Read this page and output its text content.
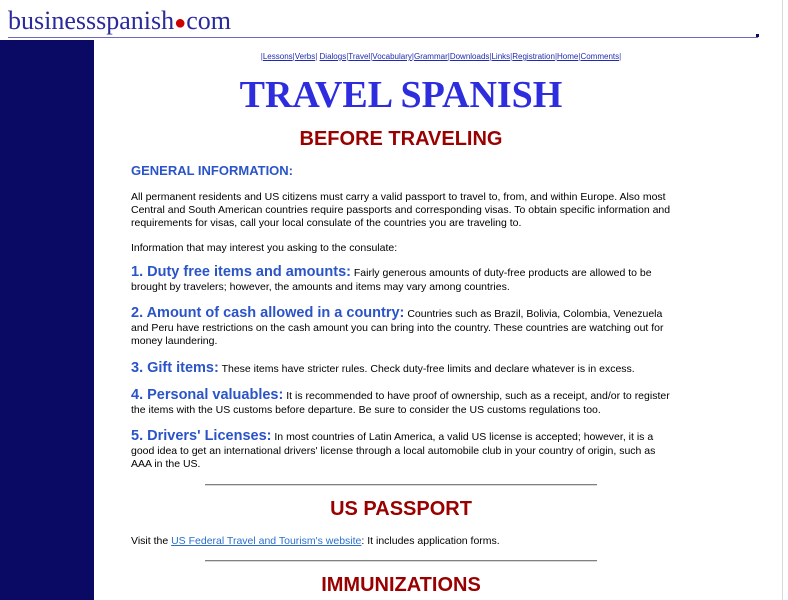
businessspanish●com
|Lessons|Verbs| Dialogs|Travel|Vocabulary|Grammar|Downloads|Links|Registration|Home|Comments|
TRAVEL SPANISH
BEFORE TRAVELING
GENERAL INFORMATION:

All permanent residents and US citizens must carry a valid passport to travel to, from, and within Europe. Also most Central and South American countries require passports and corresponding visas. To obtain specific information and requirements for visas, call your local consulate of the countries you are traveling to.

Information that may interest you asking to the consulate:

1. Duty free items and amounts: Fairly generous amounts of duty-free products are allowed to be brought by travelers; however, the amounts and items may vary among countries.

2. Amount of cash allowed in a country: Countries such as Brazil, Bolivia, Colombia, Venezuela and Peru have restrictions on the cash amount you can bring into the country. These countries are watching out for money laundering.

3. Gift items: These items have stricter rules. Check duty-free limits and declare whatever is in excess.

4. Personal valuables: It is recommended to have proof of ownership, such as a receipt, and/or to register the items with the US customs before departure. Be sure to consider the US customs regulations too.

5. Drivers' Licenses: In most countries of Latin America, a valid US license is accepted; however, it is a good idea to get an international drivers' license through a local automobile club in your country of origin, such as AAA in the US.

US PASSPORT

Visit the US Federal Travel and Tourism's website: It includes application forms.

IMMUNIZATIONS
